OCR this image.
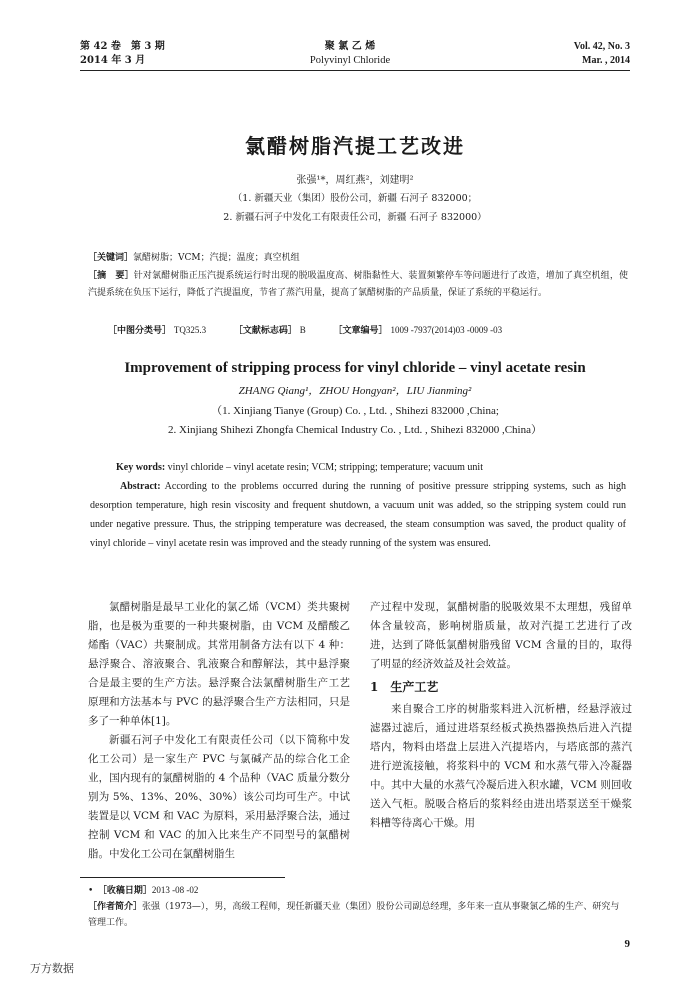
第 42 卷　第 3 期
2014 年 3 月
聚 氯 乙 烯
Polyvinyl Chloride
Vol. 42, No. 3
Mar. , 2014
氯醋树脂汽提工艺改进
张强¹*，周红燕²，刘建明²
（1. 新疆天业（集团）股份公司，新疆 石河子 832000；
2. 新疆石河子中发化工有限责任公司，新疆 石河子 832000）
［关键词］氯醋树脂；VCM；汽提；温度；真空机组
［摘　要］针对氯醋树脂正压汽提系统运行时出现的脱吸温度高、树脂黏性大、装置频繁停车等问题进行了改造，增加了真空机组，使汽提系统在负压下运行，降低了汽提温度，节省了蒸汽用量，提高了氯醋树脂的产品质量，保证了系统的平稳运行。
［中图分类号］ TQ325.3	［文献标志码］ B	［文章编号］ 1009 -7937(2014)03 -0009 -03
Improvement of stripping process for vinyl chloride – vinyl acetate resin
ZHANG Qiang¹，ZHOU Hongyan²，LIU Jianming²
（1. Xinjiang Tianye (Group) Co. , Ltd. , Shihezi 832000 ,China;
2. Xinjiang Shihezi Zhongfa Chemical Industry Co. , Ltd. , Shihezi 832000 ,China）
Key words: vinyl chloride – vinyl acetate resin; VCM; stripping; temperature; vacuum unit
Abstract: According to the problems occurred during the running of positive pressure stripping systems, such as high desorption temperature, high resin viscosity and frequent shutdown, a vacuum unit was added, so the stripping system could run under negative pressure. Thus, the stripping temperature was decreased, the steam consumption was saved, the product quality of vinyl chloride – vinyl acetate resin was improved and the steady running of the system was ensured.

氯醋树脂是最早工业化的氯乙烯（VCM）类共聚树脂，也是极为重要的一种共聚树脂，由 VCM 及醋酸乙烯酯（VAC）共聚制成。其常用制备方法有以下 4 种：悬浮聚合、溶液聚合、乳液聚合和醇解法，其中悬浮聚合是最主要的生产方法。悬浮聚合法氯醋树脂生产工艺原理和方法基本与 PVC 的悬浮聚合生产方法相同，只是多了一种单体[1]。

新疆石河子中发化工有限责任公司（以下简称中发化工公司）是一家生产 PVC 与氯碱产品的综合化工企业，国内现有的氯醋树脂的 4 个品种（VAC 质量分数分别为 5%、13%、20%、30%）该公司均可生产。中试装置是以 VCM 和 VAC 为原料，采用悬浮聚合法，通过控制 VCM 和 VAC 的加入比来生产不同型号的氯醋树脂。中发化工公司在氯醋树脂生

产过程中发现，氯醋树脂的脱吸效果不太理想，残留单体含量较高，影响树脂质量，故对汽提工艺进行了改进，达到了降低氯醋树脂残留 VCM 含量的目的，取得了明显的经济效益及社会效益。

1　生产工艺

来自聚合工序的树脂浆料进入沉析槽，经悬浮液过滤器过滤后，通过进塔泵经板式换热器换热后进入汽提塔内，物料由塔盘上层进入汽提塔内，与塔底部的蒸汽进行逆流接触，将浆料中的 VCM 和水蒸气带入冷凝器中。其中大量的水蒸气冷凝后进入积水罐，VCM 则回收送入气柜。脱吸合格后的浆料经由进出塔泵送至干燥浆料槽等待离心干燥。用

•　［收稿日期］2013 -08 -02
［作者简介］张强（1973—），男，高级工程师，现任新疆天业（集团）股份公司副总经理，多年来一直从事聚氯乙烯的生产、研究与管理工作。
9
万方数据
